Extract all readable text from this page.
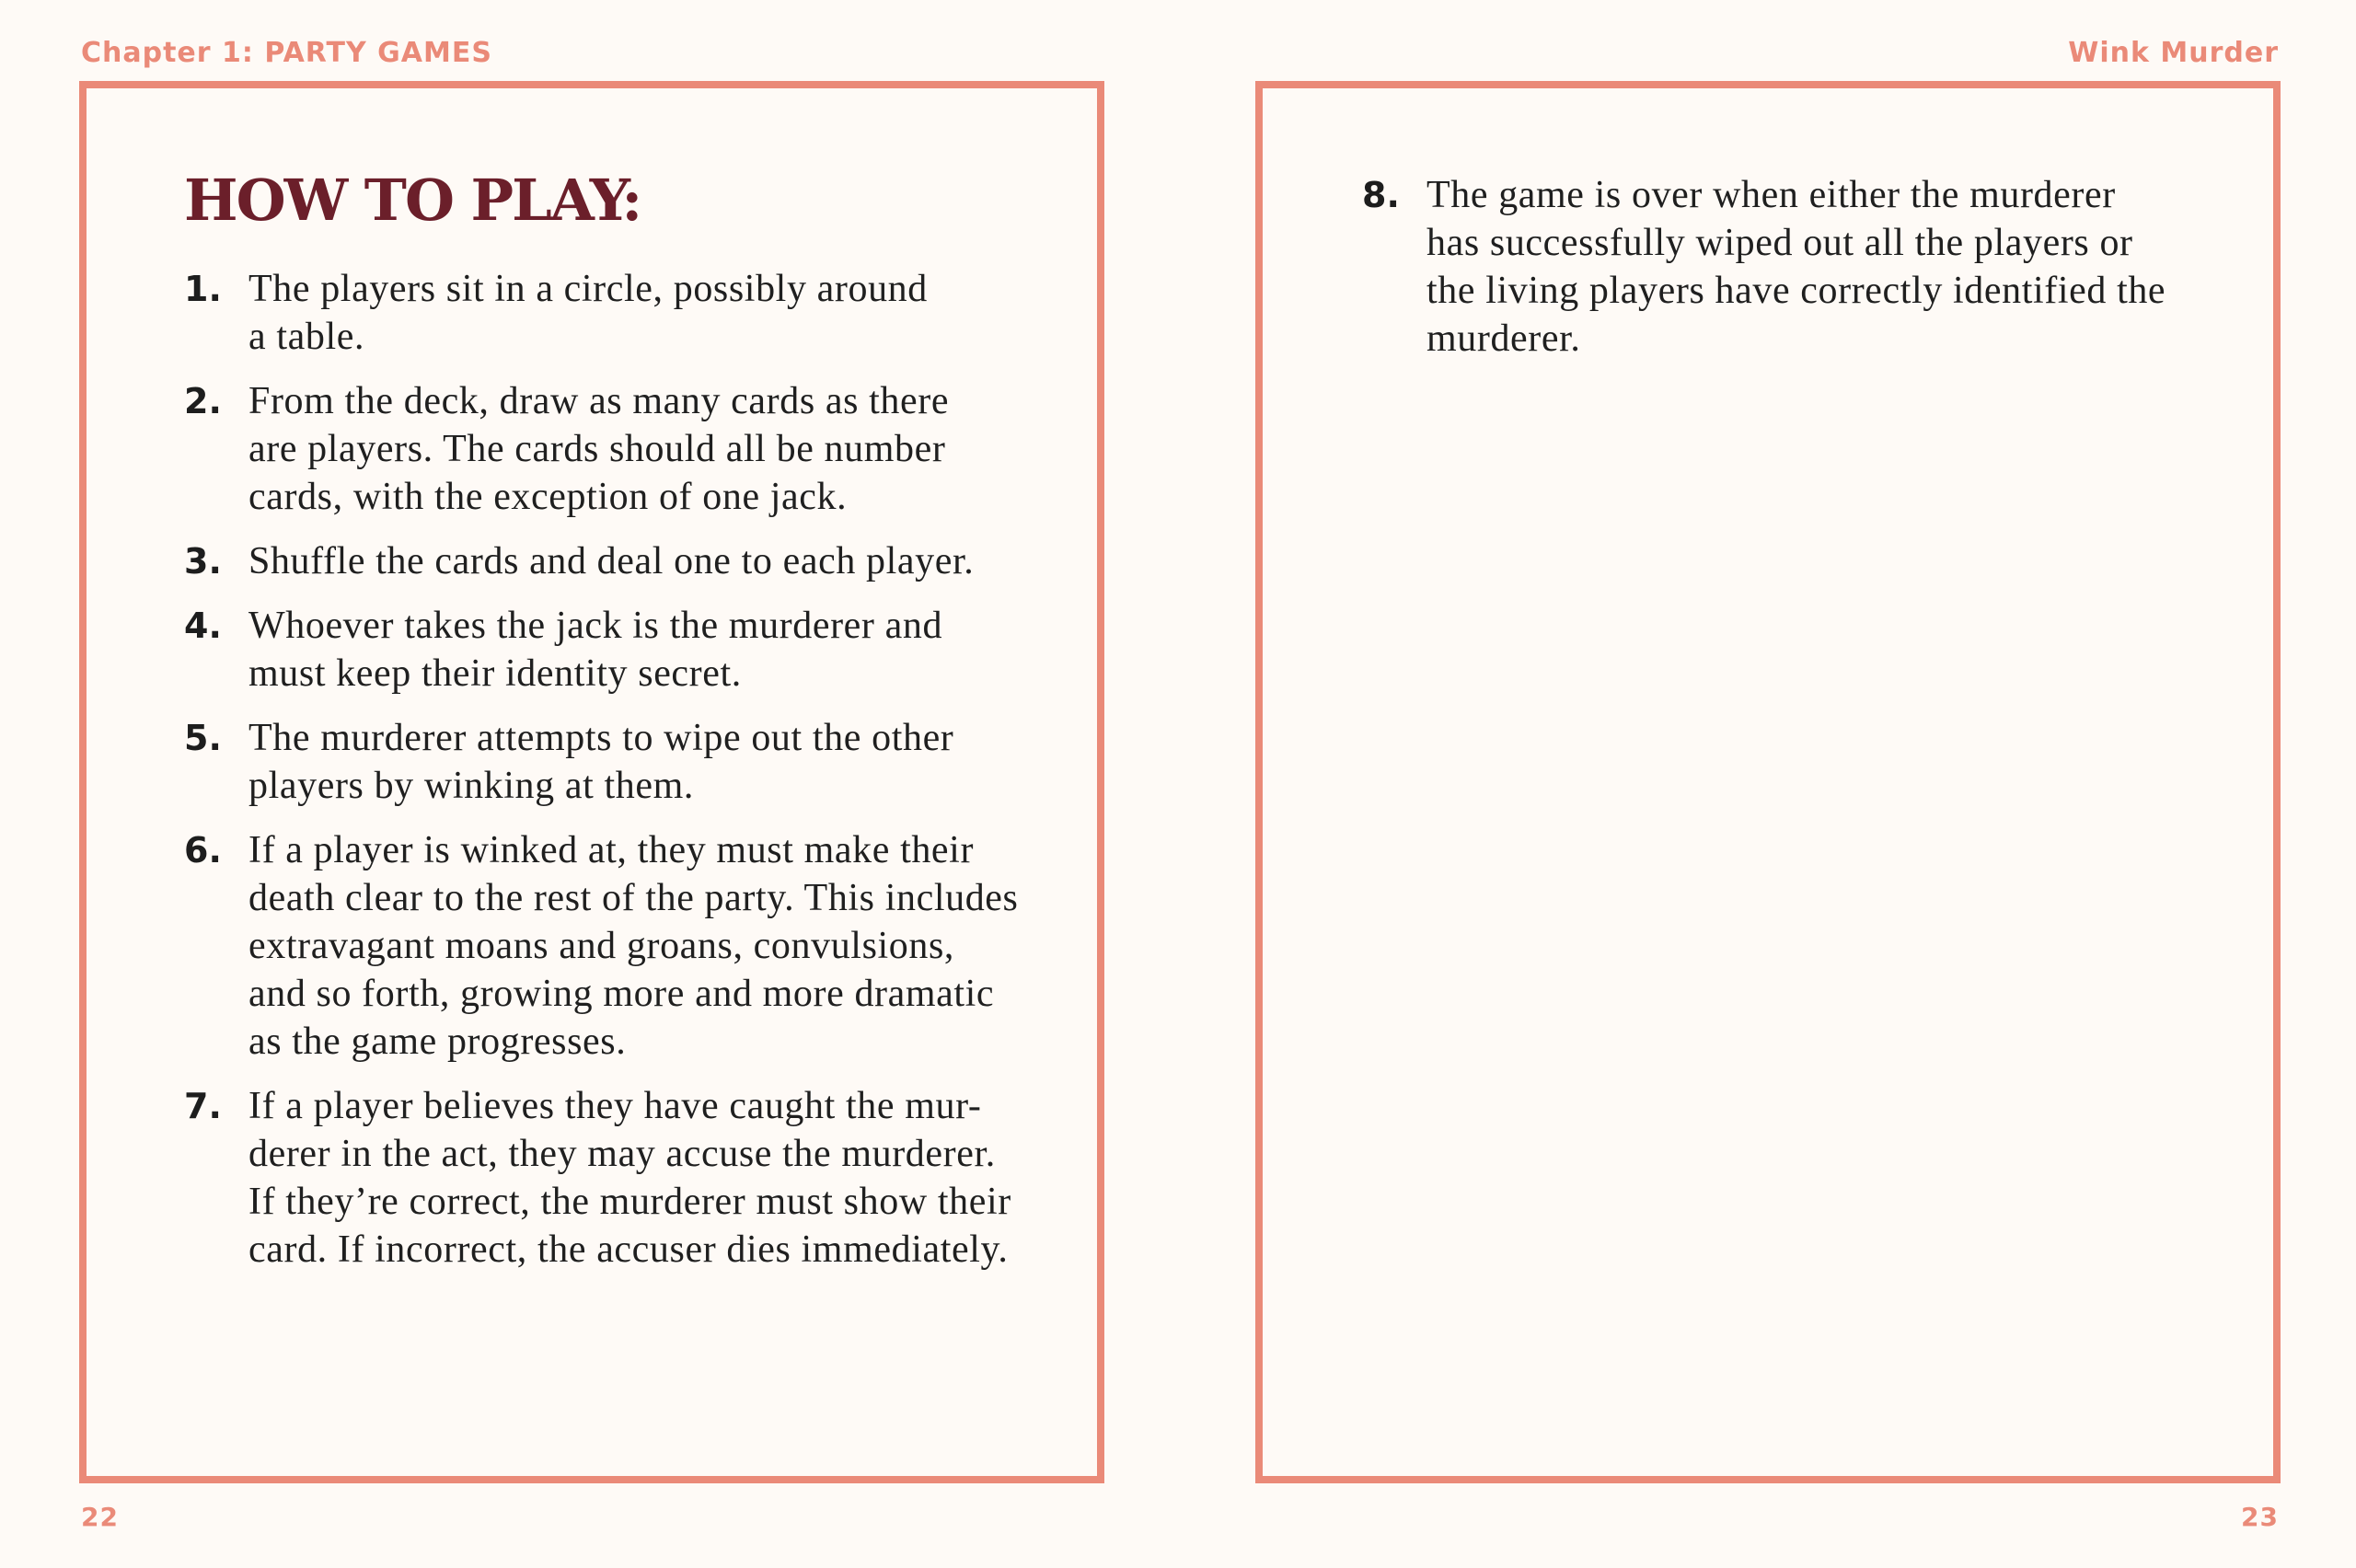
Chapter 1: PARTY GAMES	Wink Murder
HOW TO PLAY:
1. The players sit in a circle, possibly around
a table.
2. From the deck, draw as many cards as there
are players. The cards should all be number
cards, with the exception of one jack.
3. Shuffle the cards and deal one to each player.
4. Whoever takes the jack is the murderer and
must keep their identity secret.
5. The murderer attempts to wipe out the other
players by winking at them.
6. If a player is winked at, they must make their
death clear to the rest of the party. This includes
extravagant moans and groans, convulsions,
and so forth, growing more and more dramatic
as the game progresses.
7. If a player believes they have caught the mur-
derer in the act, they may accuse the murderer.
If they’re correct, the murderer must show their
card. If incorrect, the accuser dies immediately.
8. The game is over when either the murderer
has successfully wiped out all the players or
the living players have correctly identified the
murderer.
22	23
